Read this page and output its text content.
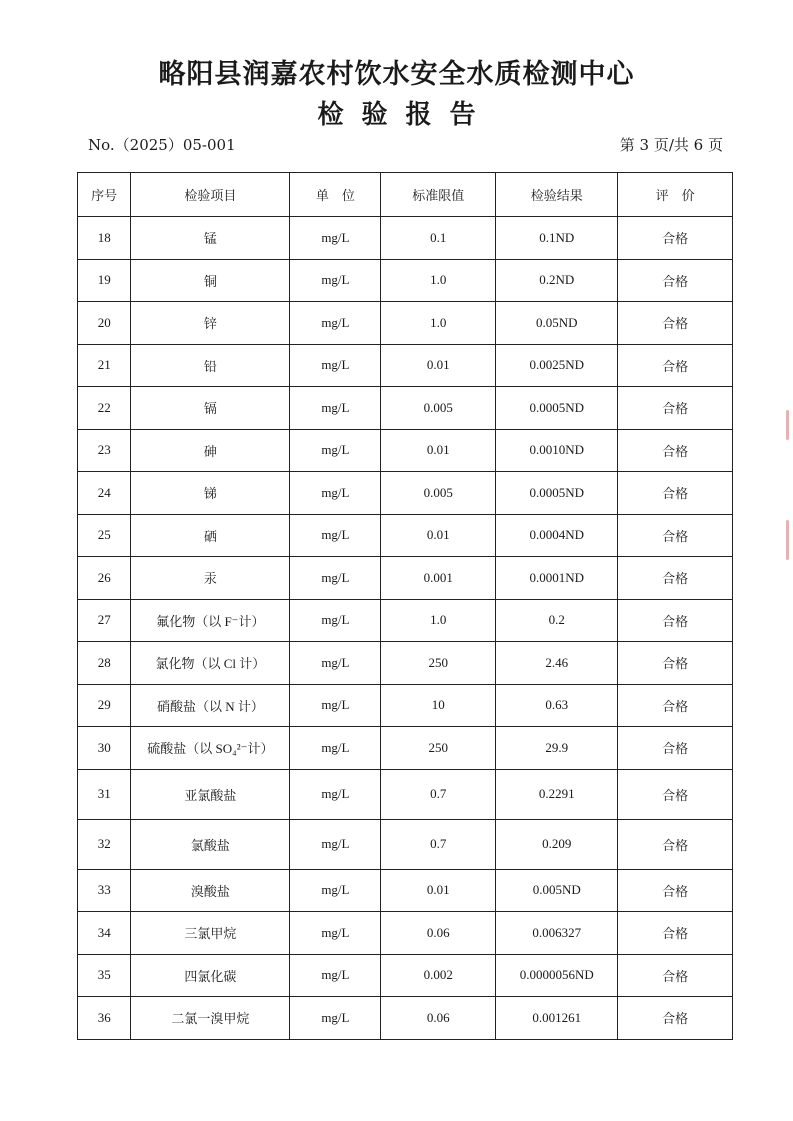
略阳县润嘉农村饮水安全水质检测中心
检验报告
No.（2025）05-001	第 3 页/共 6 页
序号	检验项目	单　位	标准限值	检验结果	评　价
18	锰	mg/L	0.1	0.1ND	合格
19	铜	mg/L	1.0	0.2ND	合格
20	锌	mg/L	1.0	0.05ND	合格
21	铅	mg/L	0.01	0.0025ND	合格
22	镉	mg/L	0.005	0.0005ND	合格
23	砷	mg/L	0.01	0.0010ND	合格
24	锑	mg/L	0.005	0.0005ND	合格
25	硒	mg/L	0.01	0.0004ND	合格
26	汞	mg/L	0.001	0.0001ND	合格
27	氟化物（以 F⁻计）	mg/L	1.0	0.2	合格
28	氯化物（以 Cl 计）	mg/L	250	2.46	合格
29	硝酸盐（以 N 计）	mg/L	10	0.63	合格
30	硫酸盐（以 SO₄²⁻计）	mg/L	250	29.9	合格
31	亚氯酸盐	mg/L	0.7	0.2291	合格
32	氯酸盐	mg/L	0.7	0.209	合格
33	溴酸盐	mg/L	0.01	0.005ND	合格
34	三氯甲烷	mg/L	0.06	0.006327	合格
35	四氯化碳	mg/L	0.002	0.0000056ND	合格
36	二氯一溴甲烷	mg/L	0.06	0.001261	合格
